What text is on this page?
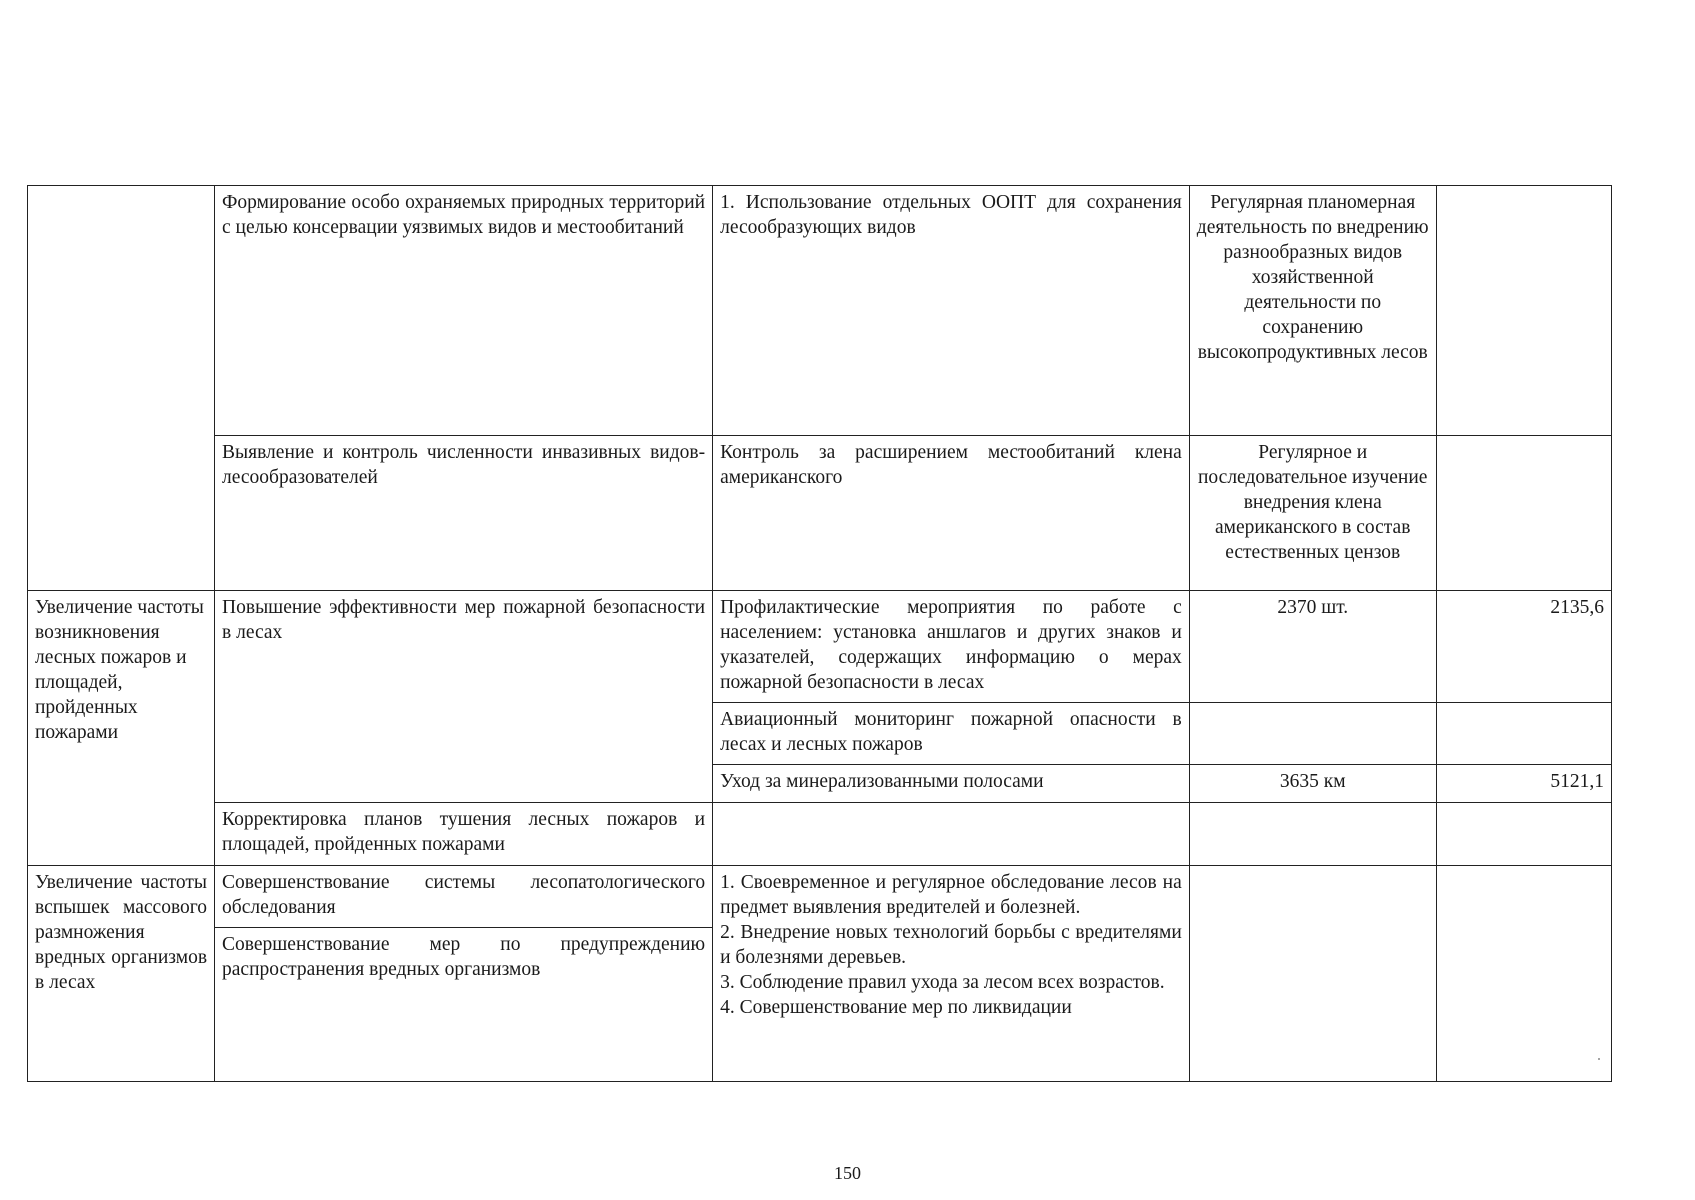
	Формирование особо охраняемых природных территорий с целью консервации уязвимых видов и местообитаний	1. Использование отдельных ООПТ для сохранения лесообразующих видов	Регулярная планомерная деятельность по внедрению разнообразных видов хозяйственной деятельности по сохранению высокопродуктивных лесов	
	Выявление и контроль численности инвазивных видов-лесообразователей	Контроль за расширением местообитаний клена американского	Регулярное и последовательное изучение внедрения клена американского в состав естественных цензов	
Увеличение частоты возникновения лесных пожаров и площадей, пройденных пожарами	Повышение эффективности мер пожарной безопасности в лесах	Профилактические мероприятия по работе с населением: установка аншлагов и других знаков и указателей, содержащих информацию о мерах пожарной безопасности в лесах	2370 шт.	2135,6
		Авиационный мониторинг пожарной опасности в лесах и лесных пожаров		
		Уход за минерализованными полосами	3635 км	5121,1
	Корректировка планов тушения лесных пожаров и площадей, пройденных пожарами			
Увеличение частоты вспышек массового размножения вредных организмов в лесах	Совершенствование системы лесопатологического обследования	1. Своевременное и регулярное обследование лесов на предмет выявления вредителей и болезней.
2. Внедрение новых технологий борьбы с вредителями и болезнями деревьев.
3. Соблюдение правил ухода за лесом всех возрастов.
4. Совершенствование мер по ликвидации		
	Совершенствование мер по предупреждению распространения вредных организмов			
150
